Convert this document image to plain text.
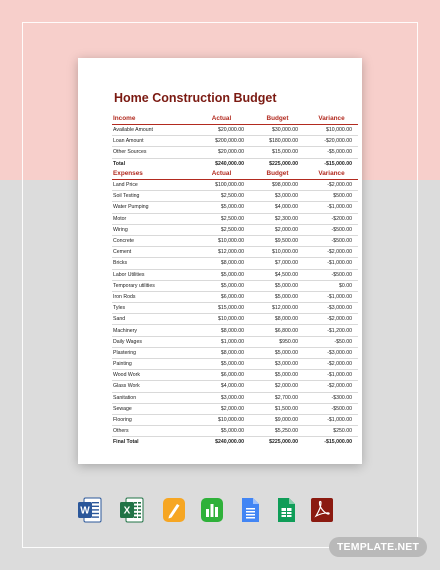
Home Construction Budget
Income	Actual	Budget	Variance
Available Amount	$20,000.00	$30,000.00	$10,000.00
Loan Amount	$200,000.00	$180,000.00	-$20,000.00
Other Sources	$20,000.00	$15,000.00	-$5,000.00
Total	$240,000.00	$225,000.00	-$15,000.00
Expenses	Actual	Budget	Variance
Land Price	$100,000.00	$98,000.00	-$2,000.00
Soil Testing	$2,500.00	$3,000.00	$500.00
Water Pumping	$5,000.00	$4,000.00	-$1,000.00
Motor	$2,500.00	$2,300.00	-$200.00
Wiring	$2,500.00	$2,000.00	-$500.00
Concrete	$10,000.00	$9,500.00	-$500.00
Cement	$12,000.00	$10,000.00	-$2,000.00
Bricks	$8,000.00	$7,000.00	-$1,000.00
Labor Utilities	$5,000.00	$4,500.00	-$500.00
Temporary utilities	$5,000.00	$5,000.00	$0.00
Iron Rods	$6,000.00	$5,000.00	-$1,000.00
Tyles	$15,000.00	$12,000.00	-$3,000.00
Sand	$10,000.00	$8,000.00	-$2,000.00
Machinery	$8,000.00	$6,800.00	-$1,200.00
Daily Wages	$1,000.00	$950.00	-$50.00
Plastering	$8,000.00	$5,000.00	-$3,000.00
Painting	$5,000.00	$3,000.00	-$2,000.00
Wood Work	$6,000.00	$5,000.00	-$1,000.00
Glass Work	$4,000.00	$2,000.00	-$2,000.00
Sanitation	$3,000.00	$2,700.00	-$300.00
Sewage	$2,000.00	$1,500.00	-$500.00
Flooring	$10,000.00	$9,000.00	-$1,000.00
Others	$5,000.00	$5,250.00	$250.00
Final Total	$240,000.00	$225,000.00	-$15,000.00
W	X
TEMPLATE.NET
